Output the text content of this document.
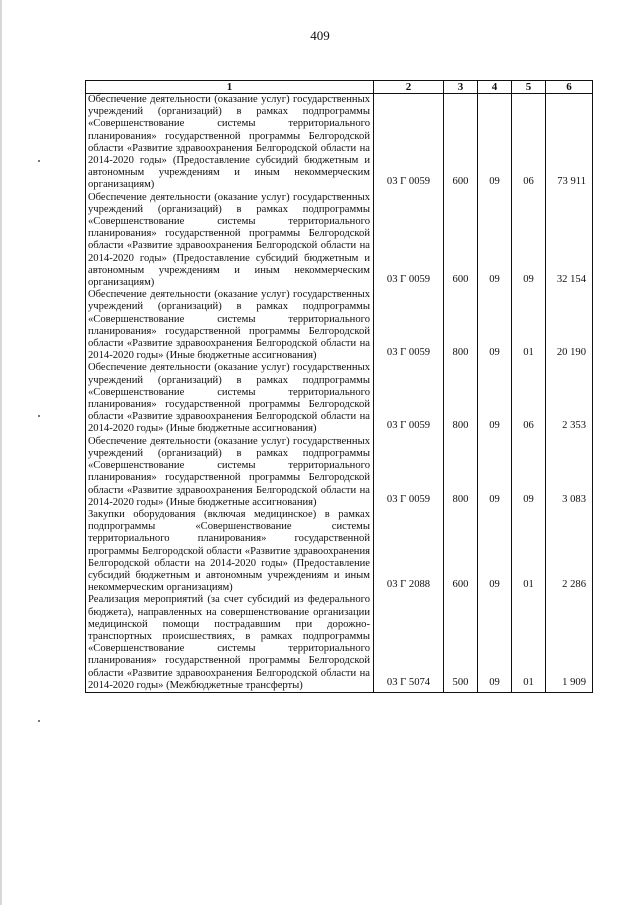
409
1	2	3	4	5	6
Обеспечение деятельности (оказание услуг) государственных учреждений (организаций) в рамках подпрограммы «Совершенствование системы территориального планирования» государственной программы Белгородской области «Развитие здравоохранения Белгородской области на 2014-2020 годы» (Предоставление субсидий бюджетным и автономным учреждениям и иным некоммерческим организациям)	03 Г 0059	600	09	06	73 911

Обеспечение деятельности (оказание услуг) государственных учреждений (организаций) в рамках подпрограммы «Совершенствование системы территориального планирования» государственной программы Белгородской области «Развитие здравоохранения Белгородской области на 2014-2020 годы» (Предоставление субсидий бюджетным и автономным учреждениям и иным некоммерческим организациям)	03 Г 0059	600	09	09	32 154

Обеспечение деятельности (оказание услуг) государственных учреждений (организаций) в рамках подпрограммы «Совершенствование системы территориального планирования» государственной программы Белгородской области «Развитие здравоохранения Белгородской области на 2014-2020 годы» (Иные бюджетные ассигнования)	03 Г 0059	800	09	01	20 190

Обеспечение деятельности (оказание услуг) государственных учреждений (организаций) в рамках подпрограммы «Совершенствование системы территориального планирования» государственной программы Белгородской области «Развитие здравоохранения Белгородской области на 2014-2020 годы» (Иные бюджетные ассигнования)	03 Г 0059	800	09	06	2 353

Обеспечение деятельности (оказание услуг) государственных учреждений (организаций) в рамках подпрограммы «Совершенствование системы территориального планирования» государственной программы Белгородской области «Развитие здравоохранения Белгородской области на 2014-2020 годы» (Иные бюджетные ассигнования)	03 Г 0059	800	09	09	3 083

Закупки оборудования (включая медицинское) в рамках подпрограммы «Совершенствование системы территориального планирования» государственной программы Белгородской области «Развитие здравоохранения Белгородской области на 2014-2020 годы» (Предоставление субсидий бюджетным и автономным учреждениям и иным некоммерческим организациям)	03 Г 2088	600	09	01	2 286

Реализация мероприятий (за счет субсидий из федерального бюджета), направленных на совершенствование организации медицинской помощи пострадавшим при дорожно-транспортных происшествиях, в рамках подпрограммы «Совершенствование системы территориального планирования» государственной программы Белгородской области «Развитие здравоохранения Белгородской области на 2014-2020 годы» (Межбюджетные трансферты)	03 Г 5074	500	09	01	1 909
